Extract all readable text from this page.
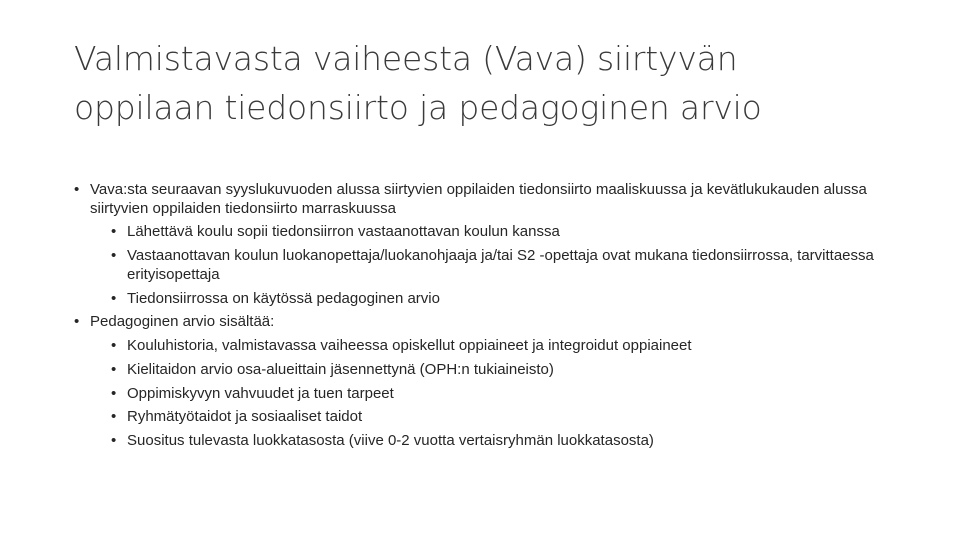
Valmistavasta vaiheesta (Vava) siirtyvän
oppilaan tiedonsiirto ja pedagoginen arvio
• Vava:sta seuraavan syyslukuvuoden alussa siirtyvien oppilaiden tiedonsiirto maaliskuussa ja kevätlukukauden alussa siirtyvien oppilaiden tiedonsiirto marraskuussa
• Lähettävä koulu sopii tiedonsiirron vastaanottavan koulun kanssa
• Vastaanottavan koulun luokanopettaja/luokanohjaaja ja/tai S2 -opettaja ovat mukana tiedonsiirrossa, tarvittaessa erityisopettaja
• Tiedonsiirrossa on käytössä pedagoginen arvio
• Pedagoginen arvio sisältää:
• Kouluhistoria, valmistavassa vaiheessa opiskellut oppiaineet ja integroidut oppiaineet
• Kielitaidon arvio osa-alueittain jäsennettynä (OPH:n tukiaineisto)
• Oppimiskyvyn vahvuudet ja tuen tarpeet
• Ryhmätyötaidot ja sosiaaliset taidot
• Suositus tulevasta luokkatasosta (viive 0-2 vuotta vertaisryhmän luokkatasosta)
